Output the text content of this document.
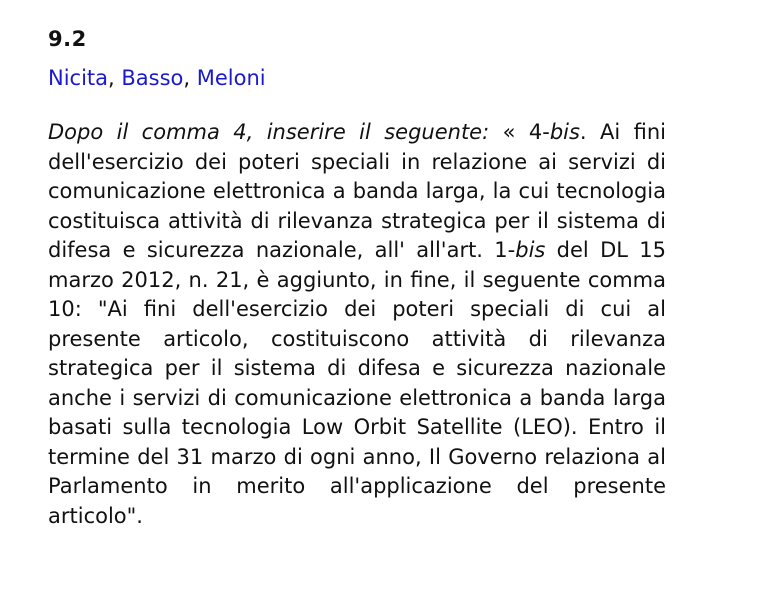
9.2
Nicita, Basso, Meloni
Dopo il comma 4, inserire il seguente: « 4-bis. Ai fini dell'esercizio dei poteri speciali in relazione ai servizi di comunicazione elettronica a banda larga, la cui tecnologia costituisca attività di rilevanza strategica per il sistema di difesa e sicurezza nazionale, all' all'art. 1-bis del DL 15 marzo 2012, n. 21, è aggiunto, in fine, il seguente comma 10: "Ai fini dell'esercizio dei poteri speciali di cui al presente articolo, costituiscono attività di rilevanza strategica per il sistema di difesa e sicurezza nazionale anche i servizi di comunicazione elettronica a banda larga basati sulla tecnologia Low Orbit Satellite (LEO). Entro il termine del 31 marzo di ogni anno, Il Governo relaziona al Parlamento in merito all'applicazione del presente articolo".
